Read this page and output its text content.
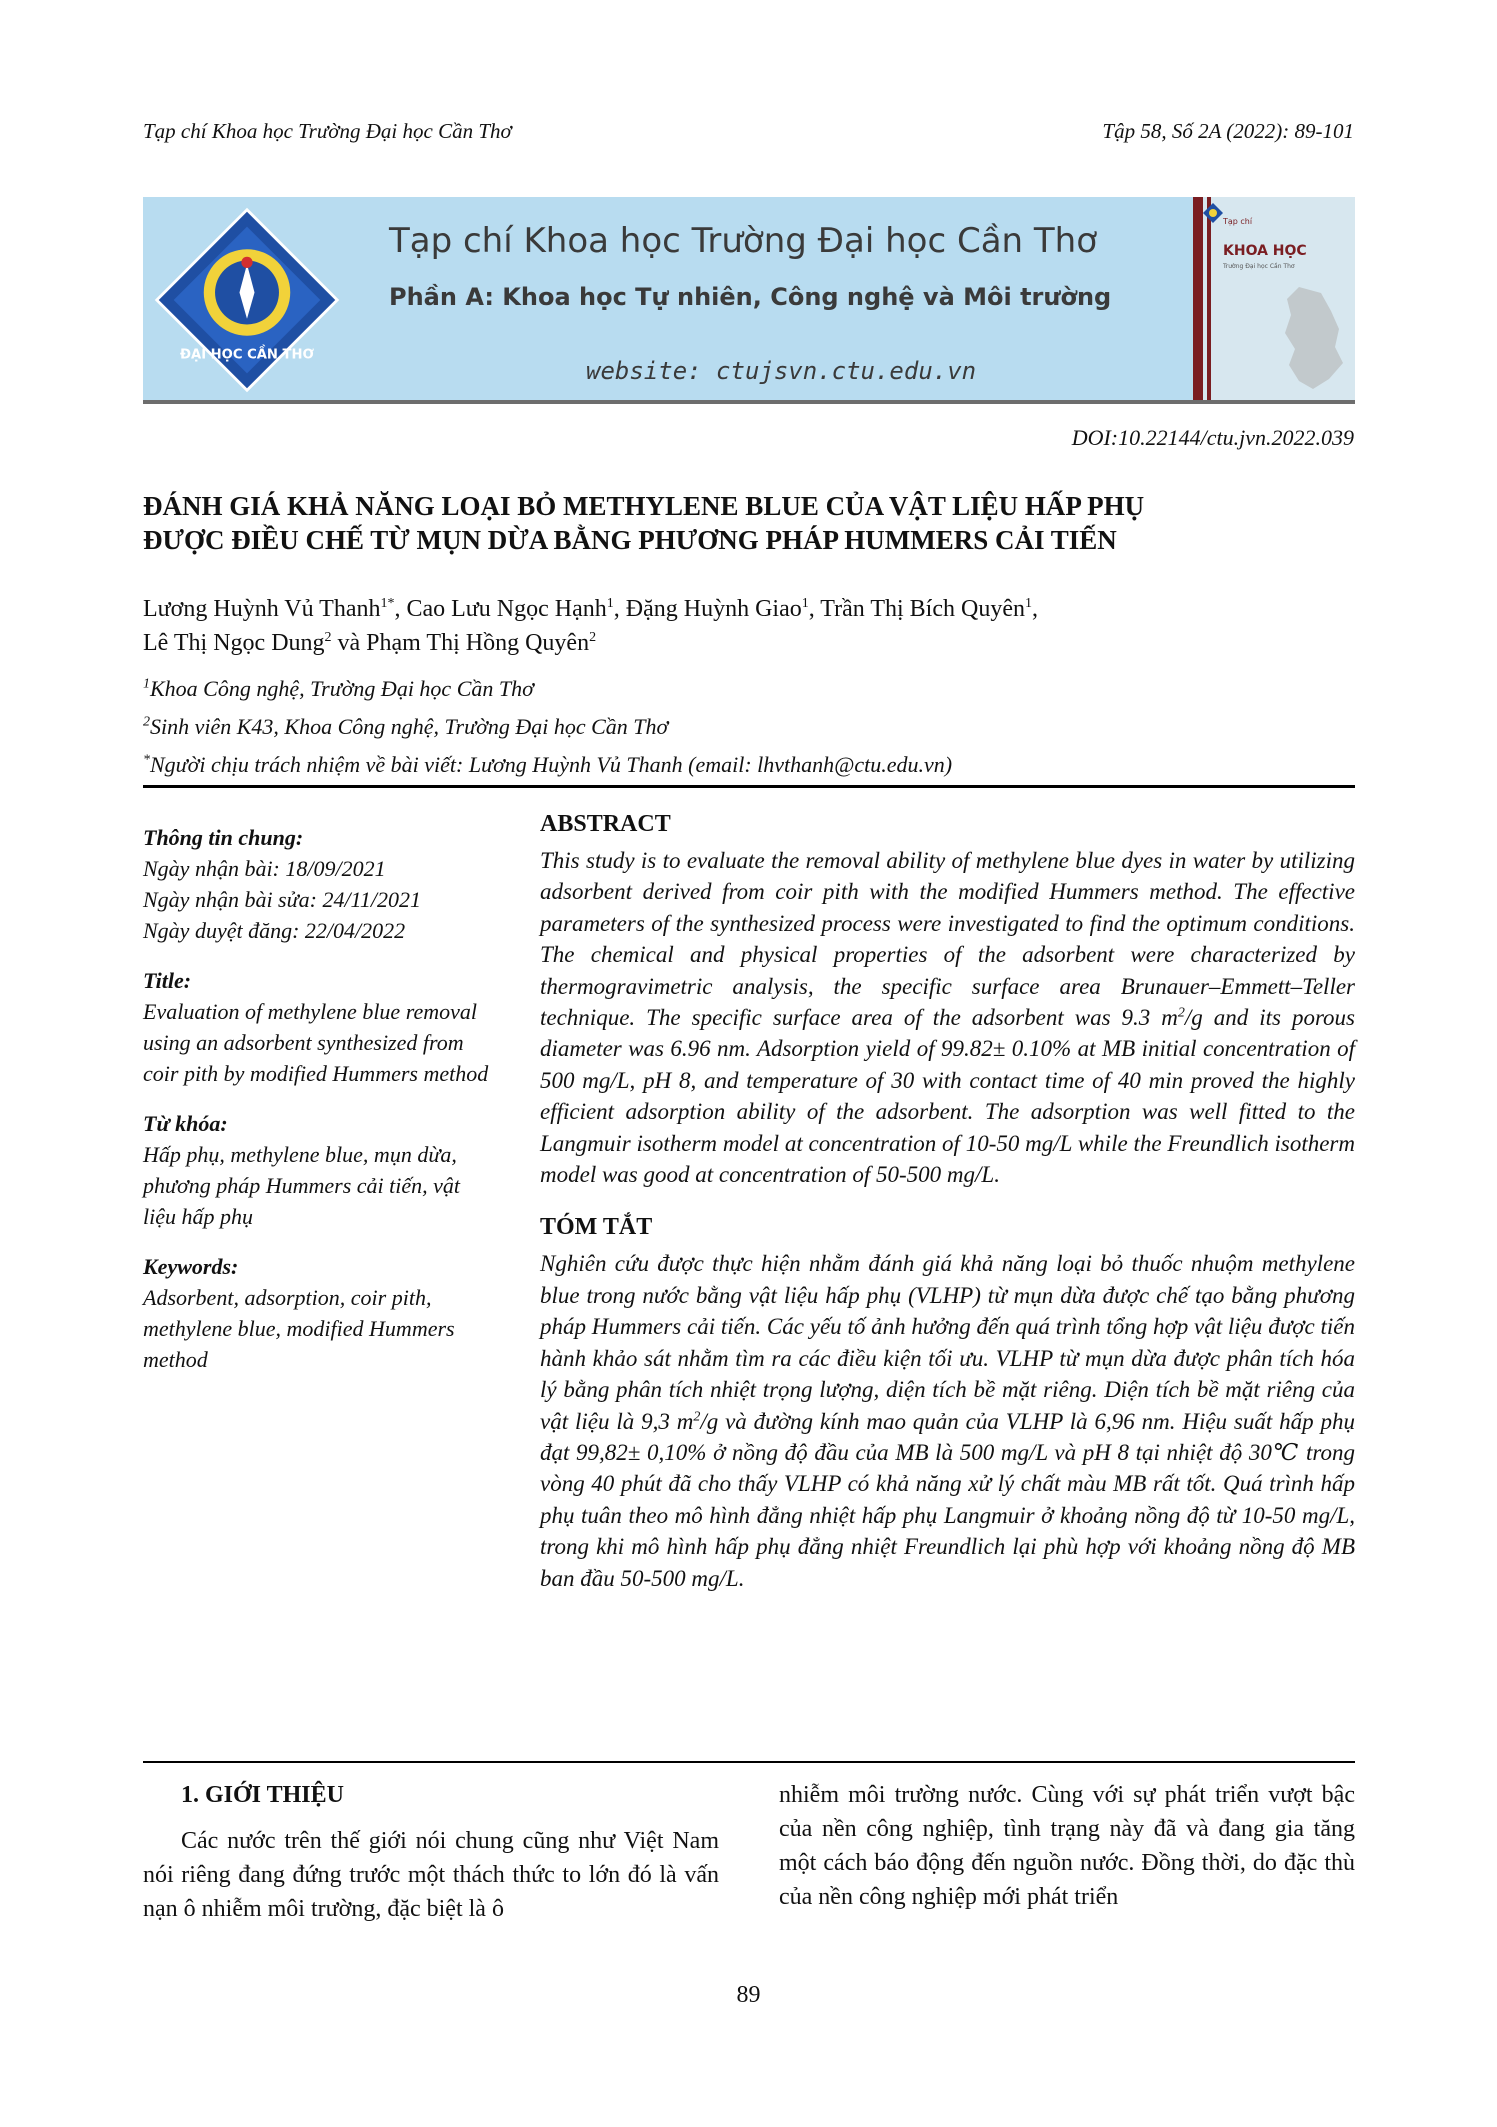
Tạp chí Khoa học Trường Đại học Cần Thơ	Tập 58, Số 2A (2022): 89-101
ĐẠI HỌC CẦN THƠ
Tạp chí Khoa học Trường Đại học Cần Thơ
Phần A: Khoa học Tự nhiên, Công nghệ và Môi trường
website: ctujsvn.ctu.edu.vn
Tạp chí
KHOA HỌC
Trường Đại học Cần Thơ
DOI:10.22144/ctu.jvn.2022.039
ĐÁNH GIÁ KHẢ NĂNG LOẠI BỎ METHYLENE BLUE CỦA VẬT LIỆU HẤP PHỤ
ĐƯỢC ĐIỀU CHẾ TỪ MỤN DỪA BẰNG PHƯƠNG PHÁP HUMMERS CẢI TIẾN
Lương Huỳnh Vủ Thanh$^{1*}$, Cao Lưu Ngọc Hạnh$^1$, Đặng Huỳnh Giao$^1$, Trần Thị Bích Quyên$^1$,
Lê Thị Ngọc Dung$^2$ và Phạm Thị Hồng Quyên$^2$
$^1$Khoa Công nghệ, Trường Đại học Cần Thơ
$^2$Sinh viên K43, Khoa Công nghệ, Trường Đại học Cần Thơ
*Người chịu trách nhiệm về bài viết: Lương Huỳnh Vủ Thanh (email: lhvthanh@ctu.edu.vn)
Thông tin chung:
Ngày nhận bài: 18/09/2021
Ngày nhận bài sửa: 24/11/2021
Ngày duyệt đăng: 22/04/2022
Title:
Evaluation of methylene blue removal using an adsorbent synthesized from coir pith by modified Hummers method
Từ khóa:
Hấp phụ, methylene blue, mụn dừa, phương pháp Hummers cải tiến, vật liệu hấp phụ
Keywords:
Adsorbent, adsorption, coir pith, methylene blue, modified Hummers method
ABSTRACT

This study is to evaluate the removal ability of methylene blue dyes in water by utilizing adsorbent derived from coir pith with the modified Hummers method. The effective parameters of the synthesized process were investigated to find the optimum conditions. The chemical and physical properties of the adsorbent were characterized by thermogravimetric analysis, the specific surface area Brunauer–Emmett–Teller technique. The specific surface area of the adsorbent was 9.3 $m^2/g$ and its porous diameter was 6.96 nm. Adsorption yield of 99.82± 0.10% at MB initial concentration of 500 mg/L, pH 8, and temperature of 30 with contact time of 40 min proved the highly efficient adsorption ability of the adsorbent. The adsorption was well fitted to the Langmuir isotherm model at concentration of 10-50 mg/L while the Freundlich isotherm model was good at concentration of 50-500 mg/L.

TÓM TẮT

Nghiên cứu được thực hiện nhằm đánh giá khả năng loại bỏ thuốc nhuộm methylene blue trong nước bằng vật liệu hấp phụ (VLHP) từ mụn dừa được chế tạo bằng phương pháp Hummers cải tiến. Các yếu tố ảnh hưởng đến quá trình tổng hợp vật liệu được tiến hành khảo sát nhằm tìm ra các điều kiện tối ưu. VLHP từ mụn dừa được phân tích hóa lý bằng phân tích nhiệt trọng lượng, diện tích bề mặt riêng. Diện tích bề mặt riêng của vật liệu là 9,3 $m^2/g$ và đường kính mao quản của VLHP là 6,96 nm. Hiệu suất hấp phụ đạt 99,82± 0,10% ở nồng độ đầu của MB là 500 mg/L và pH 8 tại nhiệt độ 30℃ trong vòng 40 phút đã cho thấy VLHP có khả năng xử lý chất màu MB rất tốt. Quá trình hấp phụ tuân theo mô hình đẳng nhiệt hấp phụ Langmuir ở khoảng nồng độ từ 10-50 mg/L, trong khi mô hình hấp phụ đẳng nhiệt Freundlich lại phù hợp với khoảng nồng độ MB ban đầu 50-500 mg/L.

1. GIỚI THIỆU

Các nước trên thế giới nói chung cũng như Việt Nam nói riêng đang đứng trước một thách thức to lớn đó là vấn nạn ô nhiễm môi trường, đặc biệt là ô

nhiễm môi trường nước. Cùng với sự phát triển vượt bậc của nền công nghiệp, tình trạng này đã và đang gia tăng một cách báo động đến nguồn nước. Đồng thời, do đặc thù của nền công nghiệp mới phát triển

89
